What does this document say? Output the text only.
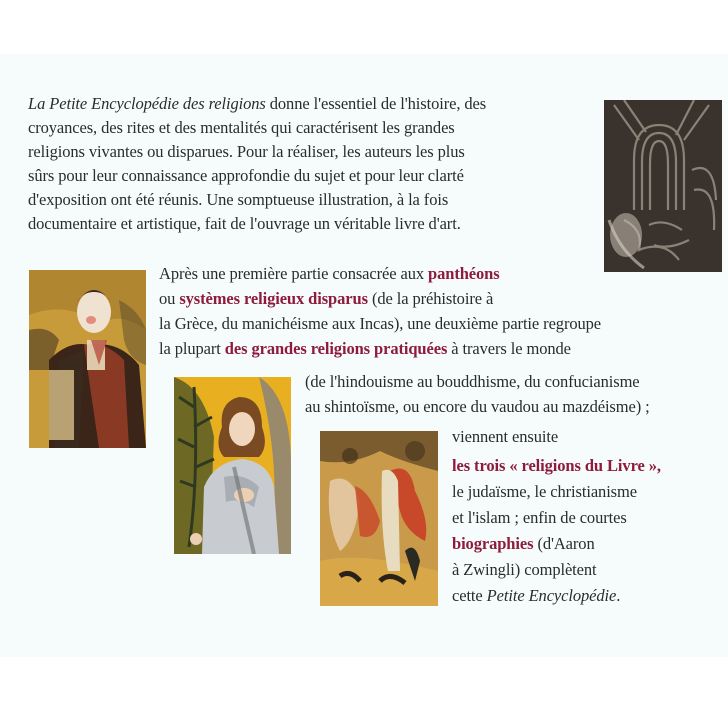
La Petite Encyclopédie des religions donne l'essentiel de l'histoire, des
croyances, des rites et des mentalités qui caractérisent les grandes
religions vivantes ou disparues. Pour la réaliser, les auteurs les plus
sûrs pour leur connaissance approfondie du sujet et pour leur clarté
d'exposition ont été réunis. Une somptueuse illustration, à la fois
documentaire et artistique, fait de l'ouvrage un véritable livre d'art.
Après une première partie consacrée aux panthéons
ou systèmes religieux disparus (de la préhistoire à
la Grèce, du manichéisme aux Incas), une deuxième partie regroupe
la plupart des grandes religions pratiquées à travers le monde
(de l'hindouisme au bouddhisme, du confucianisme
au shintoïsme, ou encore du vaudou au mazdéisme) ;
viennent ensuite
les trois « religions du Livre »,
le judaïsme, le christianisme
et l'islam ; enfin de courtes
biographies (d'Aaron
à Zwingli) complètent
cette Petite Encyclopédie.
